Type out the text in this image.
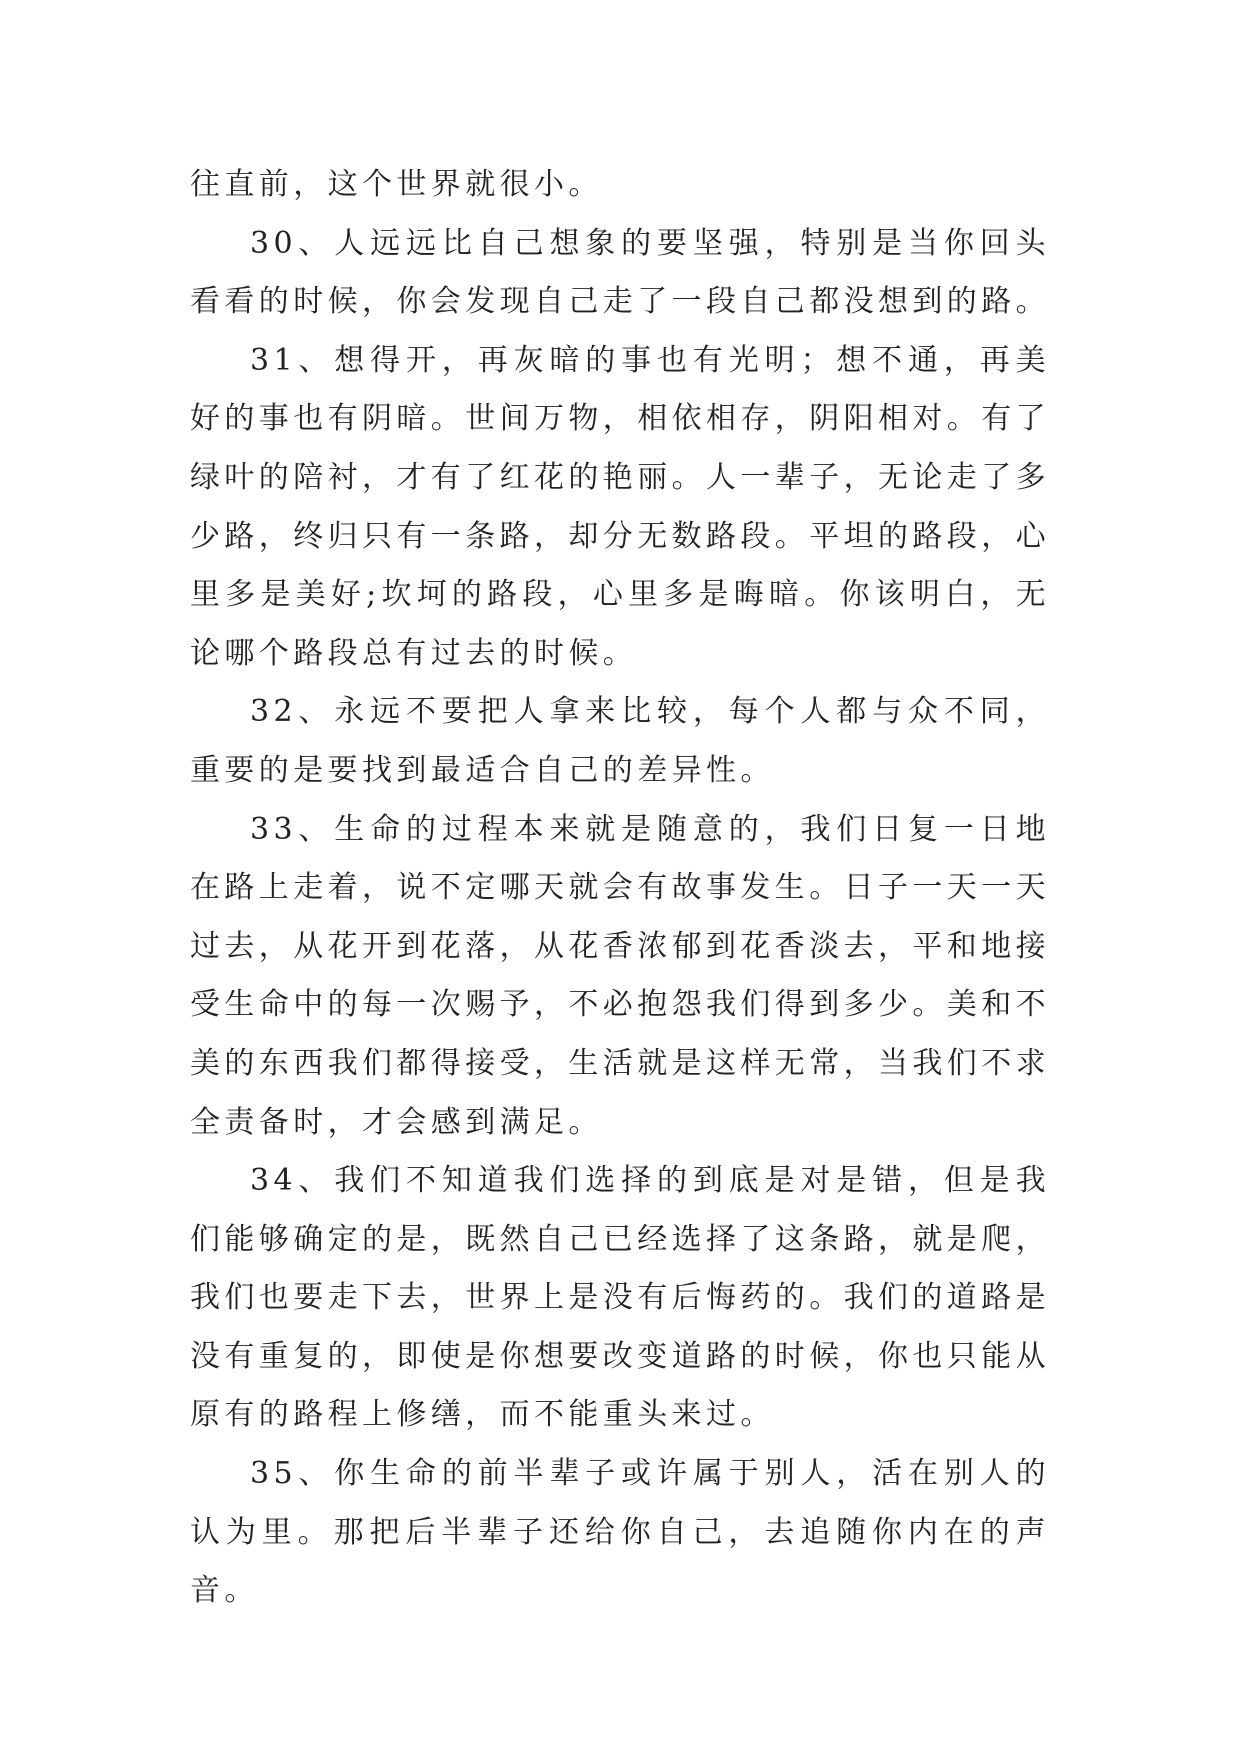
往直前，这个世界就很小。

30、人远远比自己想象的要坚强，特别是当你回头看看的时候，你会发现自己走了一段自己都没想到的路。

31、想得开，再灰暗的事也有光明；想不通，再美好的事也有阴暗。世间万物，相依相存，阴阳相对。有了绿叶的陪衬，才有了红花的艳丽。人一辈子，无论走了多少路，终归只有一条路，却分无数路段。平坦的路段，心里多是美好;坎坷的路段，心里多是晦暗。你该明白，无论哪个路段总有过去的时候。

32、永远不要把人拿来比较，每个人都与众不同，重要的是要找到最适合自己的差异性。

33、生命的过程本来就是随意的，我们日复一日地在路上走着，说不定哪天就会有故事发生。日子一天一天过去，从花开到花落，从花香浓郁到花香淡去，平和地接受生命中的每一次赐予，不必抱怨我们得到多少。美和不美的东西我们都得接受，生活就是这样无常，当我们不求全责备时，才会感到满足。

34、我们不知道我们选择的到底是对是错，但是我们能够确定的是，既然自己已经选择了这条路，就是爬，我们也要走下去，世界上是没有后悔药的。我们的道路是没有重复的，即使是你想要改变道路的时候，你也只能从原有的路程上修缮，而不能重头来过。

35、你生命的前半辈子或许属于别人，活在别人的认为里。那把后半辈子还给你自己，去追随你内在的声音。
